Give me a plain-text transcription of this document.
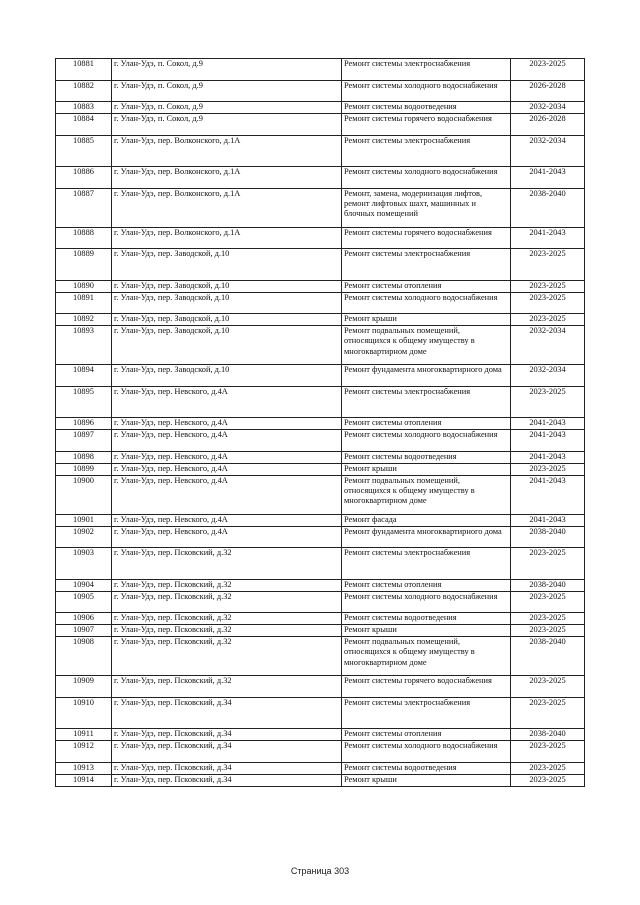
10881	г. Улан-Удэ, п. Сокол, д.9	Ремонт системы электроснабжения	2023-2025
10882	г. Улан-Удэ, п. Сокол, д.9	Ремонт системы холодного водоснабжения	2026-2028
10883	г. Улан-Удэ, п. Сокол, д.9	Ремонт системы водоотведения	2032-2034
10884	г. Улан-Удэ, п. Сокол, д.9	Ремонт системы горячего водоснабжения	2026-2028
10885	г. Улан-Удэ, пер. Волконского, д.1А	Ремонт системы электроснабжения	2032-2034
10886	г. Улан-Удэ, пер. Волконского, д.1А	Ремонт системы холодного водоснабжения	2041-2043
10887	г. Улан-Удэ, пер. Волконского, д.1А	Ремонт, замена, модернизация лифтов, ремонт лифтовых шахт, машинных и блочных помещений	2038-2040
10888	г. Улан-Удэ, пер. Волконского, д.1А	Ремонт системы горячего водоснабжения	2041-2043
10889	г. Улан-Удэ, пер. Заводской, д.10	Ремонт системы электроснабжения	2023-2025
10890	г. Улан-Удэ, пер. Заводской, д.10	Ремонт системы отопления	2023-2025
10891	г. Улан-Удэ, пер. Заводской, д.10	Ремонт системы холодного водоснабжения	2023-2025
10892	г. Улан-Удэ, пер. Заводской, д.10	Ремонт крыши	2023-2025
10893	г. Улан-Удэ, пер. Заводской, д.10	Ремонт подвальных помещений, относящихся к общему имуществу в многоквартирном доме	2032-2034
10894	г. Улан-Удэ, пер. Заводской, д.10	Ремонт фундамента многоквартирного дома	2032-2034
10895	г. Улан-Удэ, пер. Невского, д.4А	Ремонт системы электроснабжения	2023-2025
10896	г. Улан-Удэ, пер. Невского, д.4А	Ремонт системы отопления	2041-2043
10897	г. Улан-Удэ, пер. Невского, д.4А	Ремонт системы холодного водоснабжения	2041-2043
10898	г. Улан-Удэ, пер. Невского, д.4А	Ремонт системы водоотведения	2041-2043
10899	г. Улан-Удэ, пер. Невского, д.4А	Ремонт крыши	2023-2025
10900	г. Улан-Удэ, пер. Невского, д.4А	Ремонт подвальных помещений, относящихся к общему имуществу в многоквартирном доме	2041-2043
10901	г. Улан-Удэ, пер. Невского, д.4А	Ремонт фасада	2041-2043
10902	г. Улан-Удэ, пер. Невского, д.4А	Ремонт фундамента многоквартирного дома	2038-2040
10903	г. Улан-Удэ, пер. Псковский, д.32	Ремонт системы электроснабжения	2023-2025
10904	г. Улан-Удэ, пер. Псковский, д.32	Ремонт системы отопления	2038-2040
10905	г. Улан-Удэ, пер. Псковский, д.32	Ремонт системы холодного водоснабжения	2023-2025
10906	г. Улан-Удэ, пер. Псковский, д.32	Ремонт системы водоотведения	2023-2025
10907	г. Улан-Удэ, пер. Псковский, д.32	Ремонт крыши	2023-2025
10908	г. Улан-Удэ, пер. Псковский, д.32	Ремонт подвальных помещений, относящихся к общему имуществу в многоквартирном доме	2038-2040
10909	г. Улан-Удэ, пер. Псковский, д.32	Ремонт системы горячего водоснабжения	2023-2025
10910	г. Улан-Удэ, пер. Псковский, д.34	Ремонт системы электроснабжения	2023-2025
10911	г. Улан-Удэ, пер. Псковский, д.34	Ремонт системы отопления	2038-2040
10912	г. Улан-Удэ, пер. Псковский, д.34	Ремонт системы холодного водоснабжения	2023-2025
10913	г. Улан-Удэ, пер. Псковский, д.34	Ремонт системы водоотведения	2023-2025
10914	г. Улан-Удэ, пер. Псковский, д.34	Ремонт крыши	2023-2025
Страница 303
